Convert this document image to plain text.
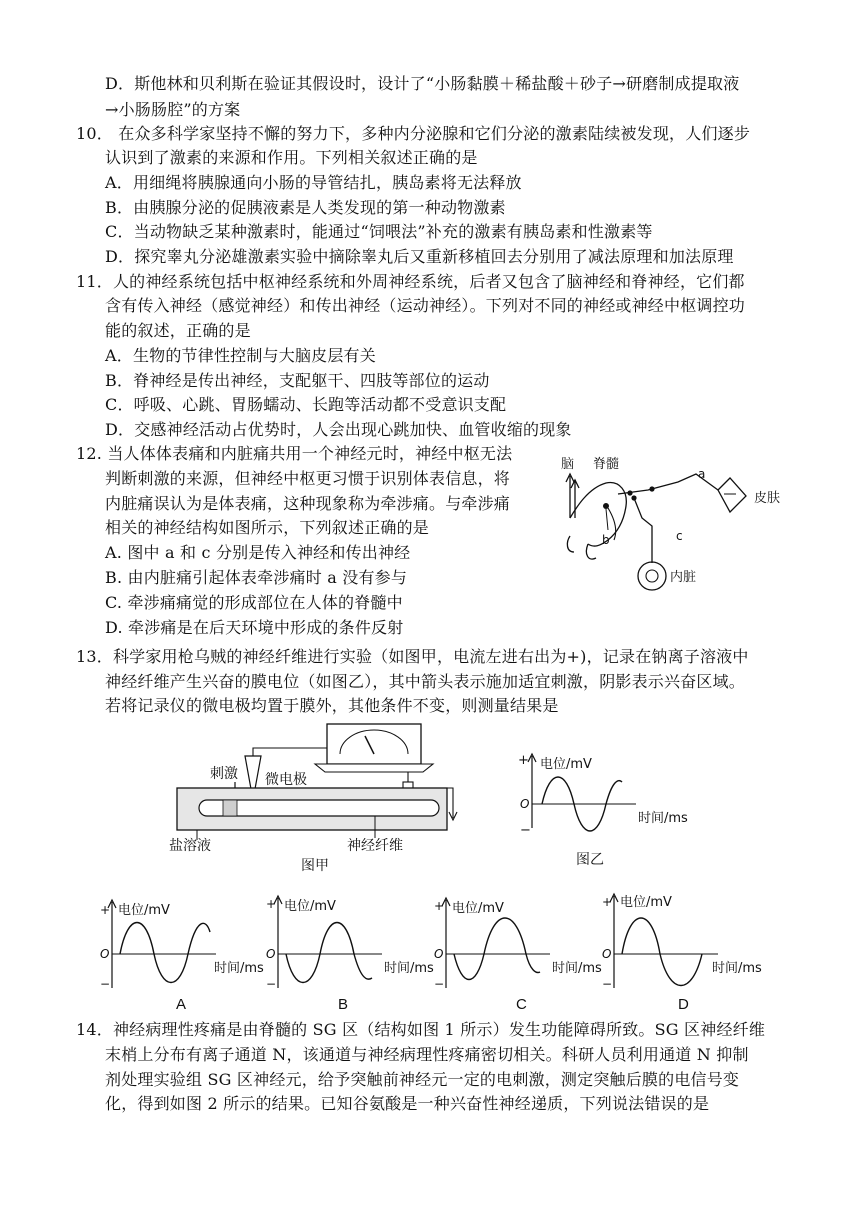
D．斯他林和贝利斯在验证其假设时，设计了“小肠黏膜＋稀盐酸＋砂子→研磨制成提取液
→小肠肠腔”的方案
10． 在众多科学家坚持不懈的努力下，多种内分泌腺和它们分泌的激素陆续被发现，人们逐步
认识到了激素的来源和作用。下列相关叙述正确的是
A．用细绳将胰腺通向小肠的导管结扎，胰岛素将无法释放
B．由胰腺分泌的促胰液素是人类发现的第一种动物激素
C．当动物缺乏某种激素时，能通过“饲喂法”补充的激素有胰岛素和性激素等
D．探究睾丸分泌雄激素实验中摘除睾丸后又重新移植回去分别用了减法原理和加法原理
11．人的神经系统包括中枢神经系统和外周神经系统，后者又包含了脑神经和脊神经，它们都
含有传入神经（感觉神经）和传出神经（运动神经）。下列对不同的神经或神经中枢调控功
能的叙述，正确的是
A．生物的节律性控制与大脑皮层有关
B．脊神经是传出神经，支配躯干、四肢等部位的运动
C．呼吸、心跳、胃肠蠕动、长跑等活动都不受意识支配
D．交感神经活动占优势时，人会出现心跳加快、血管收缩的现象
12. 当人体体表痛和内脏痛共用一个神经元时，神经中枢无法
判断刺激的来源，但神经中枢更习惯于识别体表信息，将
内脏痛误认为是体表痛，这种现象称为牵涉痛。与牵涉痛
相关的神经结构如图所示，下列叙述正确的是
A. 图中 a 和 c 分别是传入神经和传出神经
B. 由内脏痛引起体表牵涉痛时 a 没有参与
C. 牵涉痛痛觉的形成部位在人体的脊髓中
D. 牵涉痛是在后天环境中形成的条件反射
脑 脊髓
b
a
皮肤
c
内脏
13．科学家用枪乌贼的神经纤维进行实验（如图甲，电流左进右出为+)，记录在钠离子溶液中
神经纤维产生兴奋的膜电位（如图乙），其中箭头表示施加适宜刺激，阴影表示兴奋区域。
若将记录仪的微电极均置于膜外，其他条件不变，则测量结果是
刺激 微电极
盐溶液	神经纤维
图甲
+ 电位/mV
O
−
时间/ms
图乙
+ 电位/mV
O
−
时间/ms
+ 电位/mV
O
−
时间/ms
+ 电位/mV
O
−
时间/ms
+ 电位/mV
O
−
时间/ms
A	B	C	D
14．神经病理性疼痛是由脊髓的 SG 区（结构如图 1 所示）发生功能障碍所致。SG 区神经纤维
末梢上分布有离子通道 N，该通道与神经病理性疼痛密切相关。科研人员利用通道 N 抑制
剂处理实验组 SG 区神经元，给予突触前神经元一定的电刺激，测定突触后膜的电信号变
化，得到如图 2 所示的结果。已知谷氨酸是一种兴奋性神经递质，下列说法错误的是
